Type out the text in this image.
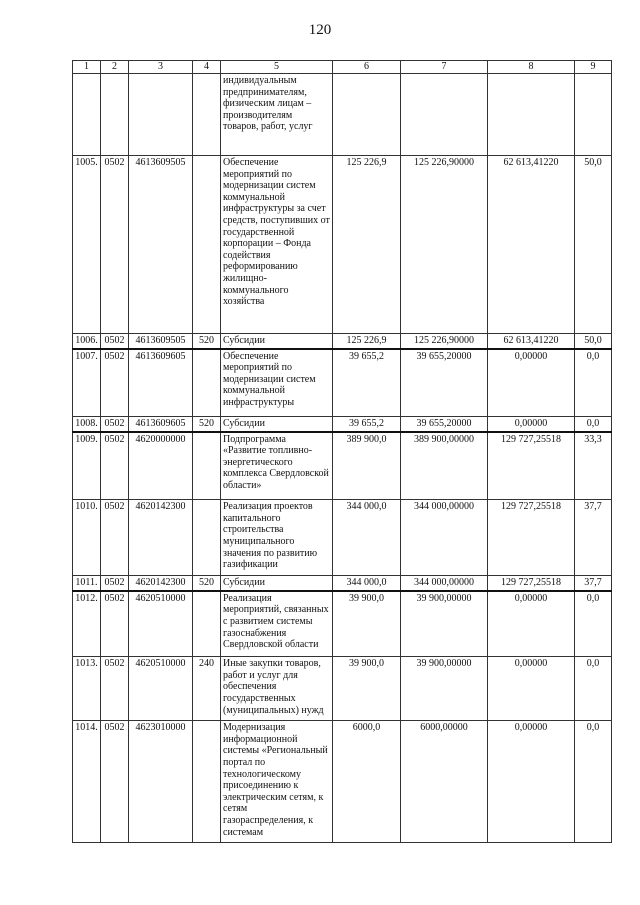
120
1	2	3	4	5	6	7	8	9
				индивидуальным предпринимателям, физическим лицам – производителям товаров, работ, услуг				
1005.	0502	4613609505		Обеспечение мероприятий по модернизации систем коммунальной инфраструктуры за счет средств, поступивших от государственной корпорации – Фонда содействия реформированию жилищно-коммунального хозяйства	125 226,9	125 226,90000	62 613,41220	50,0
1006.	0502	4613609505	520	Субсидии	125 226,9	125 226,90000	62 613,41220	50,0
1007.	0502	4613609605		Обеспечение мероприятий по модернизации систем коммунальной инфраструктуры	39 655,2	39 655,20000	0,00000	0,0
1008.	0502	4613609605	520	Субсидии	39 655,2	39 655,20000	0,00000	0,0
1009.	0502	4620000000		Подпрограмма «Развитие топливно-энергетического комплекса Свердловской области»	389 900,0	389 900,00000	129 727,25518	33,3
1010.	0502	4620142300		Реализация проектов капитального строительства муниципального значения по развитию газификации	344 000,0	344 000,00000	129 727,25518	37,7
1011.	0502	4620142300	520	Субсидии	344 000,0	344 000,00000	129 727,25518	37,7
1012.	0502	4620510000		Реализация мероприятий, связанных с развитием системы газоснабжения Свердловской области	39 900,0	39 900,00000	0,00000	0,0
1013.	0502	4620510000	240	Иные закупки товаров, работ и услуг для обеспечения государственных (муниципальных) нужд	39 900,0	39 900,00000	0,00000	0,0
1014.	0502	4623010000		Модернизация информационной системы «Региональный портал по технологическому присоединению к электрическим сетям, к сетям газораспределения, к системам	6000,0	6000,00000	0,00000	0,0
